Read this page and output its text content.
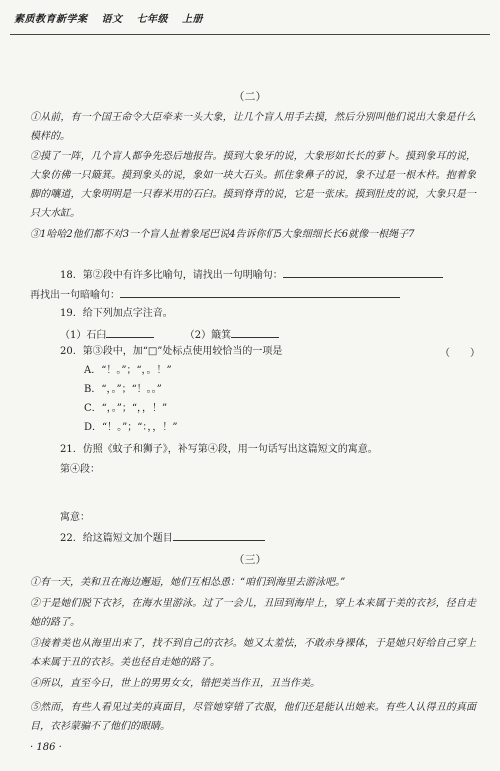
素质教育新学案 语文 七年级 上册
（二）
①从前，有一个国王命令大臣牵来一头大象，让几个盲人用手去摸，然后分别叫他们说出大象是什么模样的。
②摸了一阵，几个盲人都争先恐后地报告。摸到大象牙的说，大象形如长长的萝卜。摸到象耳的说，大象仿佛一只簸箕。摸到象头的说，象如一块大石头。抓住象鼻子的说，象不过是一根木杵。抱着象脚的嚷道，大象明明是一只舂米用的石臼。摸到脊背的说，它是一张床。摸到肚皮的说，大象只是一只大水缸。
③1哈哈2他们都不对3一个盲人扯着象尾巴说4告诉你们5大象细细长长6就像一根绳子7
18．第②段中有许多比喻句，请找出一句明喻句：
再找出一句暗喻句：
19．给下列加点字注音。
（1）石臼	（2）簸箕
20．第③段中，加“□”处标点使用较恰当的一项是	（　　）
A．“！。”；“，。！”
B．“，。”；“！。。”
C．“，。”；“，，！”
D．“！。”；“：，，！”
21．仿照《蚊子和狮子》，补写第④段，用一句话写出这篇短文的寓意。
第④段：
寓意：
22．给这篇短文加个题目
（三）
①有一天，美和丑在海边邂逅，她们互相怂恿：“咱们到海里去游泳吧。”
②于是她们脱下衣衫，在海水里游泳。过了一会儿，丑回到海岸上，穿上本来属于美的衣衫，径自走她的路了。
③接着美也从海里出来了，找不到自己的衣衫。她又太羞怯，不敢赤身裸体，于是她只好给自己穿上本来属于丑的衣衫。美也径自走她的路了。
④所以，直至今日，世上的男男女女，错把美当作丑，丑当作美。
⑤然而，有些人看见过美的真面目，尽管她穿错了衣服，他们还是能认出她来。有些人认得丑的真面目，衣衫蒙骗不了他们的眼睛。
· 186 ·
